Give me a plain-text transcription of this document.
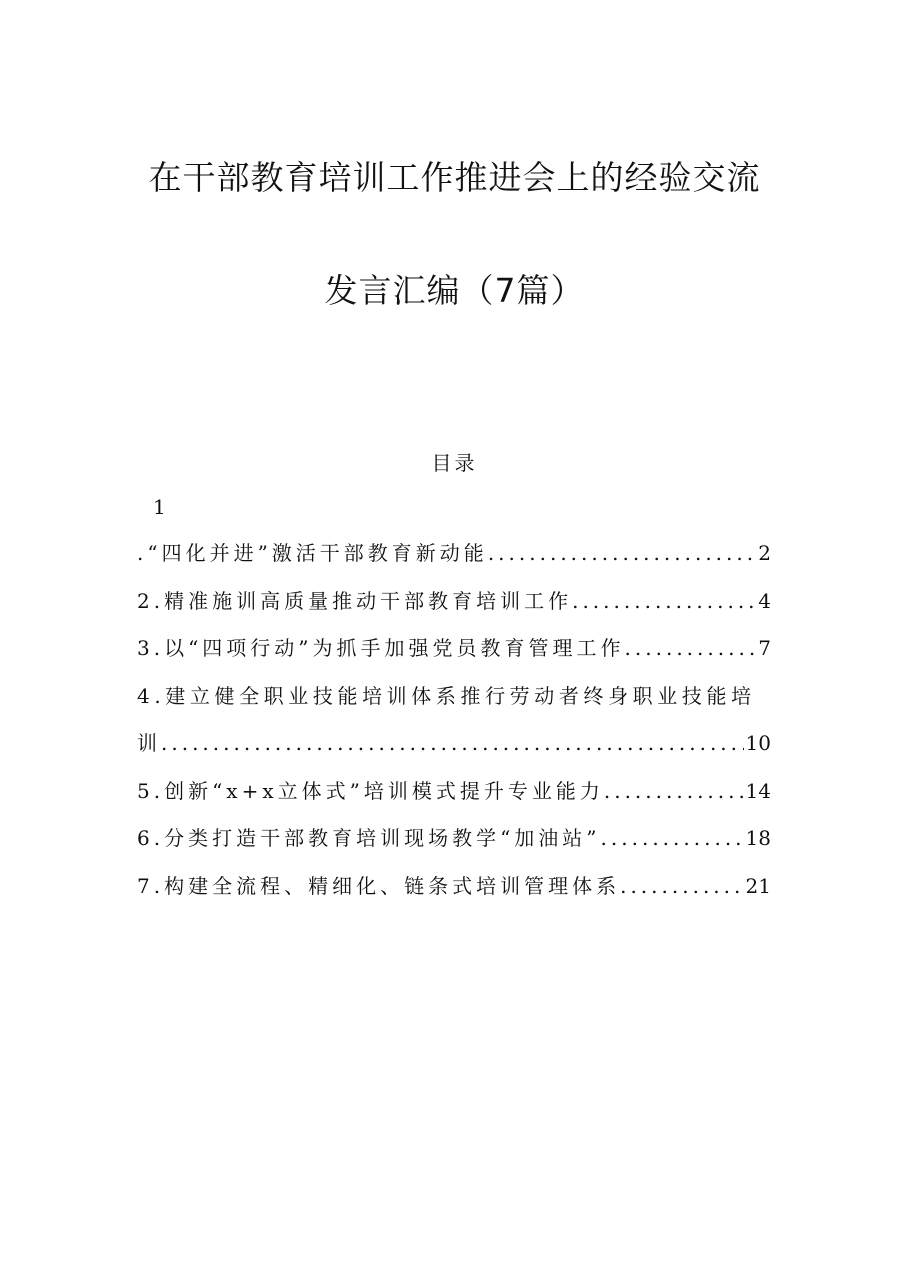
在干部教育培训工作推进会上的经验交流
发言汇编（7篇）
目录
1
.“四化并进”激活干部教育新动能 .....	2
2.精准施训高质量推动干部教育培训工作 .....	4
3.以“四项行动”为抓手加强党员教育管理工作 .....	7
4.建立健全职业技能培训体系推行劳动者终身职业技能培
训 .....	10
5.创新“x+x立体式”培训模式提升专业能力 .....	14
6.分类打造干部教育培训现场教学“加油站” .....	18
7.构建全流程、精细化、链条式培训管理体系 .....	21
